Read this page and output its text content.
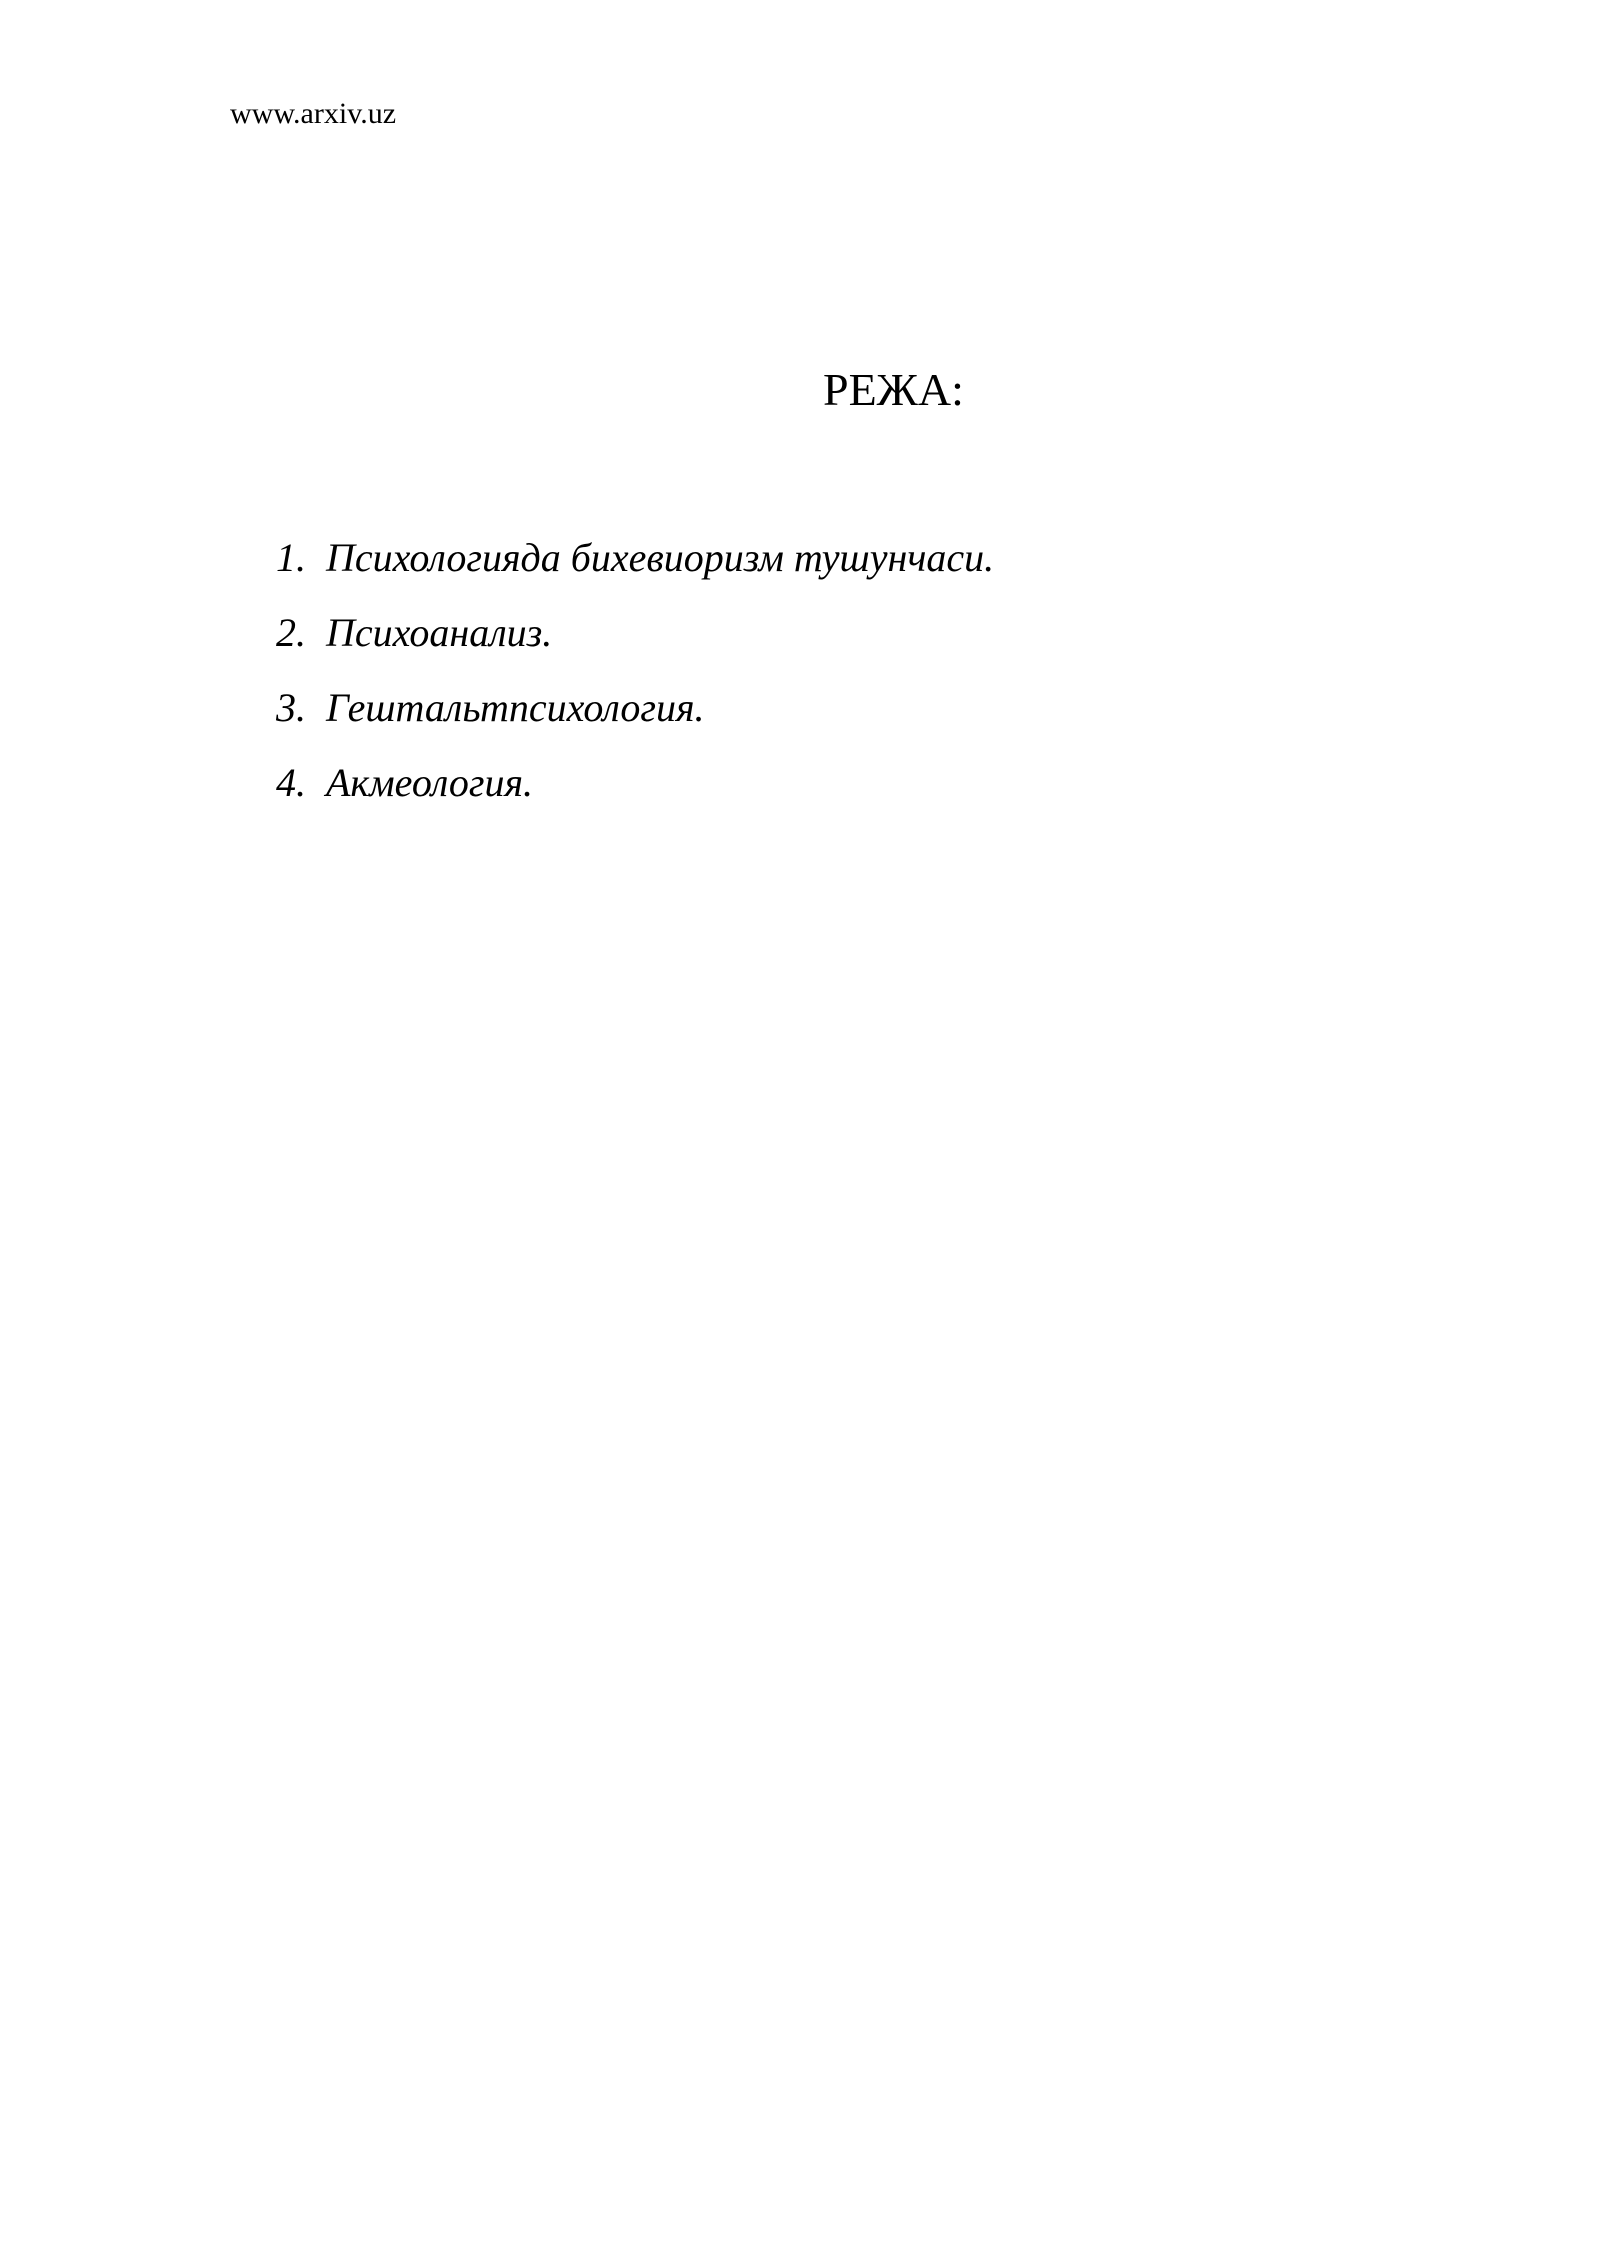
www.arxiv.uz
РЕЖА:
1. Психологияда бихевиоризм тушунчаси.
2. Психоанализ.
3. Гештальтпсихология.
4. Акмеология.
